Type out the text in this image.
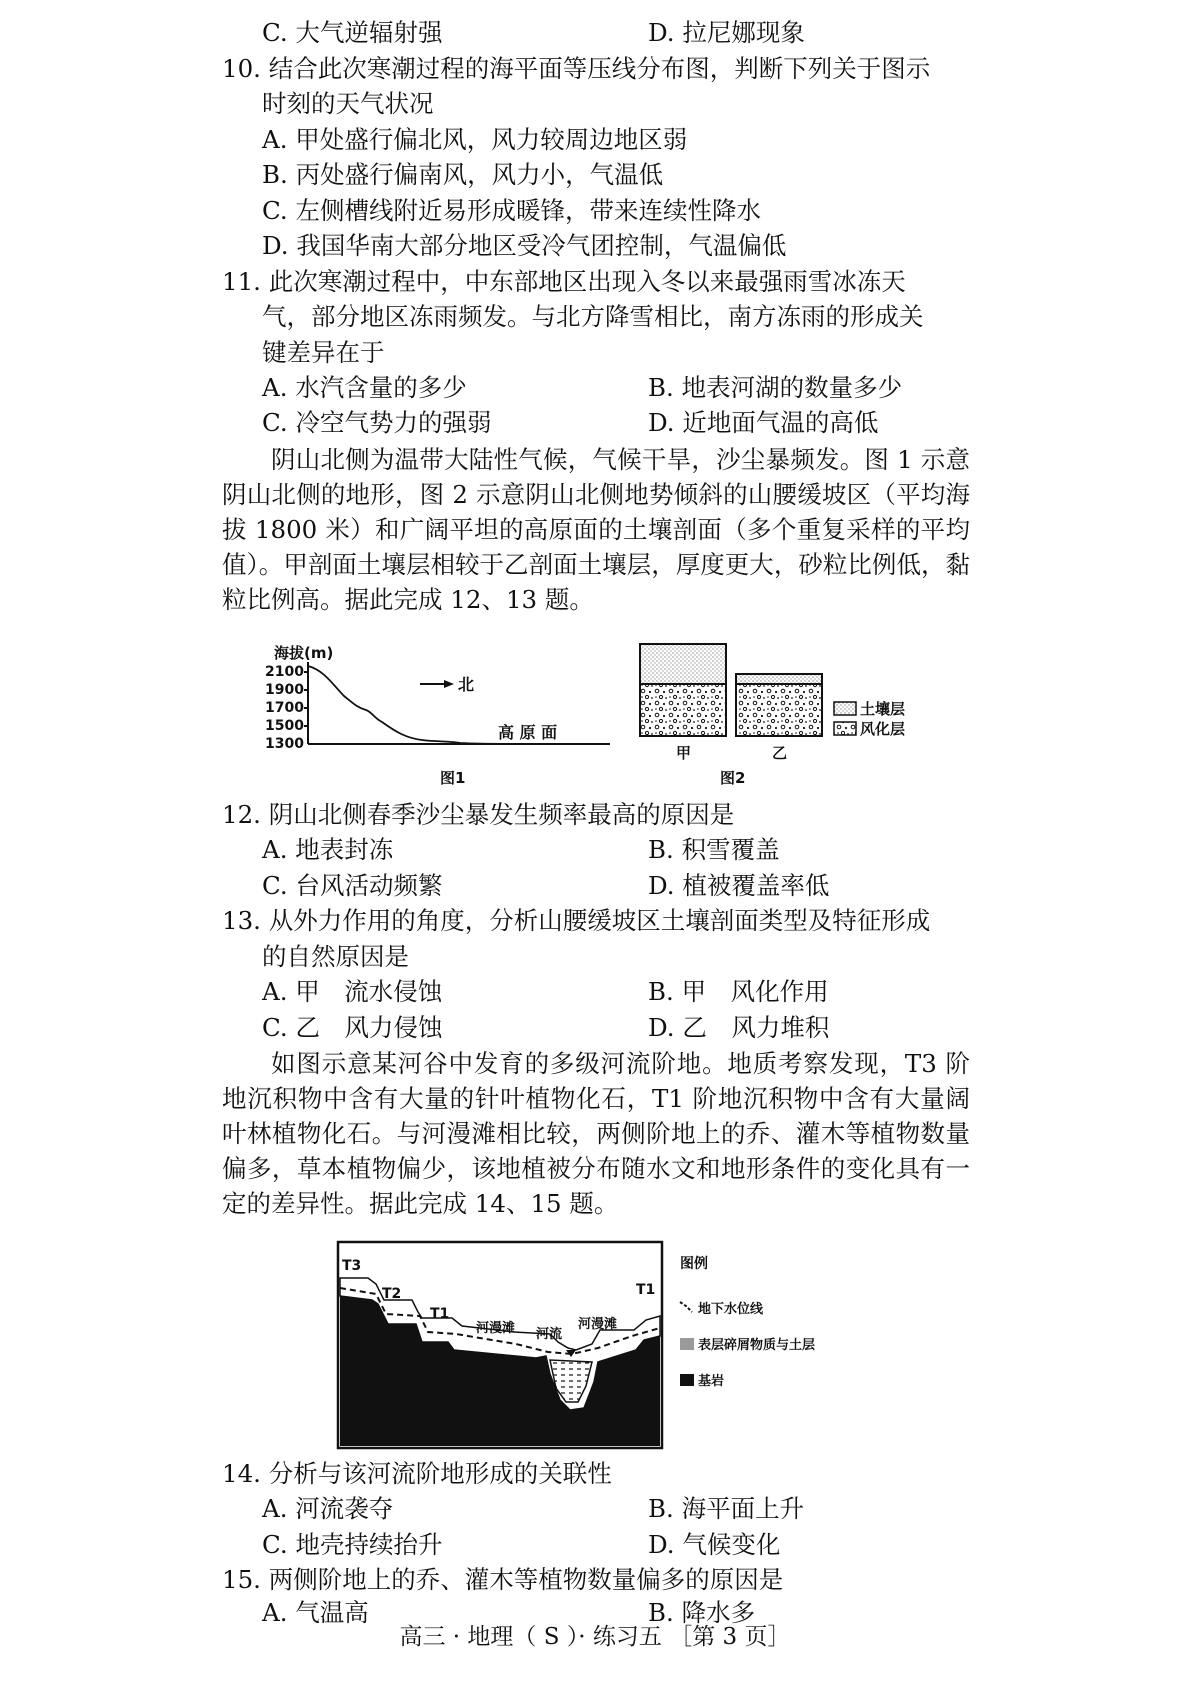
C. 大气逆辐射强	D. 拉尼娜现象
10. 结合此次寒潮过程的海平面等压线分布图，判断下列关于图示
时刻的天气状况
A. 甲处盛行偏北风，风力较周边地区弱
B. 丙处盛行偏南风，风力小，气温低
C. 左侧槽线附近易形成暖锋，带来连续性降水
D. 我国华南大部分地区受冷气团控制，气温偏低
11. 此次寒潮过程中，中东部地区出现入冬以来最强雨雪冰冻天
气，部分地区冻雨频发。与北方降雪相比，南方冻雨的形成关
键差异在于
A. 水汽含量的多少	B. 地表河湖的数量多少
C. 冷空气势力的强弱	D. 近地面气温的高低
阴山北侧为温带大陆性气候，气候干旱，沙尘暴频发。图 1 示意阴山北侧的地形，图 2 示意阴山北侧地势倾斜的山腰缓坡区（平均海拔 1800 米）和广阔平坦的高原面的土壤剖面（多个重复采样的平均值）。甲剖面土壤层相较于乙剖面土壤层，厚度更大，砂粒比例低，黏粒比例高。据此完成 12、13 题。
海拔(m)
2100
1900
1700
1500
1300
北
高 原 面
图1
甲	乙
土壤层
风化层
图2
12. 阴山北侧春季沙尘暴发生频率最高的原因是
A. 地表封冻	B. 积雪覆盖
C. 台风活动频繁	D. 植被覆盖率低
13. 从外力作用的角度，分析山腰缓坡区土壤剖面类型及特征形成
的自然原因是
A. 甲　流水侵蚀	B. 甲　风化作用
C. 乙　风力侵蚀	D. 乙　风力堆积
如图示意某河谷中发育的多级河流阶地。地质考察发现，T3 阶地沉积物中含有大量的针叶植物化石，T1 阶地沉积物中含有大量阔叶林植物化石。与河漫滩相比较，两侧阶地上的乔、灌木等植物数量偏多，草本植物偏少，该地植被分布随水文和地形条件的变化具有一定的差异性。据此完成 14、15 题。
T3
T2
T1
T1
河漫滩 河流
河漫滩
图例
地下水位线
表层碎屑物质与土层
基岩
14. 分析与该河流阶地形成的关联性
A. 河流袭夺	B. 海平面上升
C. 地壳持续抬升	D. 气候变化
15. 两侧阶地上的乔、灌木等植物数量偏多的原因是
A. 气温高	B. 降水多
高三 · 地理（ S ）· 练习五 ［第 3 页］
